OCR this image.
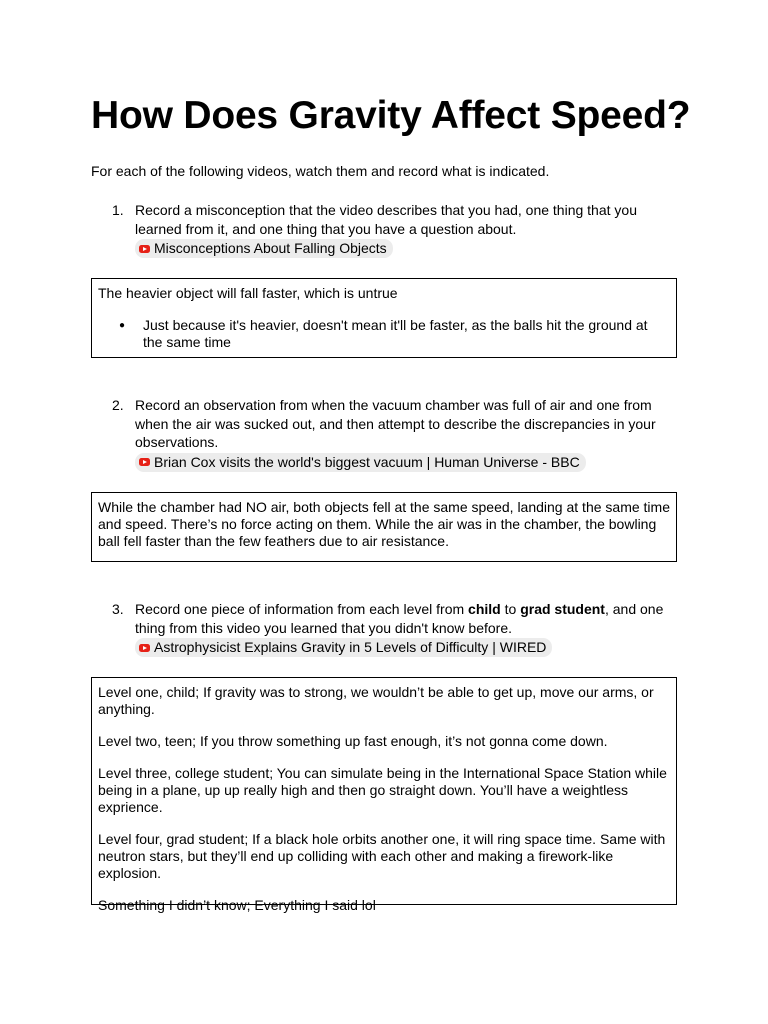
How Does Gravity Affect Speed?
For each of the following videos, watch them and record what is indicated.
1. Record a misconception that the video describes that you had, one thing that you learned from it, and one thing that you have a question about.

Misconceptions About Falling Objects

The heavier object will fall faster, which is untrue

● Just because it's heavier, doesn't mean it'll be faster, as the balls hit the ground at the same time
2. Record an observation from when the vacuum chamber was full of air and one from when the air was sucked out, and then attempt to describe the discrepancies in your observations.

Brian Cox visits the world's biggest vacuum | Human Universe - BBC

While the chamber had NO air, both objects fell at the same speed, landing at the same time and speed. There’s no force acting on them. While the air was in the chamber, the bowling ball fell faster than the few feathers due to air resistance.

3. Record one piece of information from each level from child to grad student, and one thing from this video you learned that you didn't know before.

Astrophysicist Explains Gravity in 5 Levels of Difficulty | WIRED

Level one, child; If gravity was to strong, we wouldn’t be able to get up, move our arms, or anything.

Level two, teen; If you throw something up fast enough, it’s not gonna come down.

Level three, college student; You can simulate being in the International Space Station while being in a plane, up up really high and then go straight down. You’ll have a weightless exprience.

Level four, grad student; If a black hole orbits another one, it will ring space time. Same with neutron stars, but they’ll end up colliding with each other and making a firework-like explosion.

Something I didn’t know; Everything I said lol
